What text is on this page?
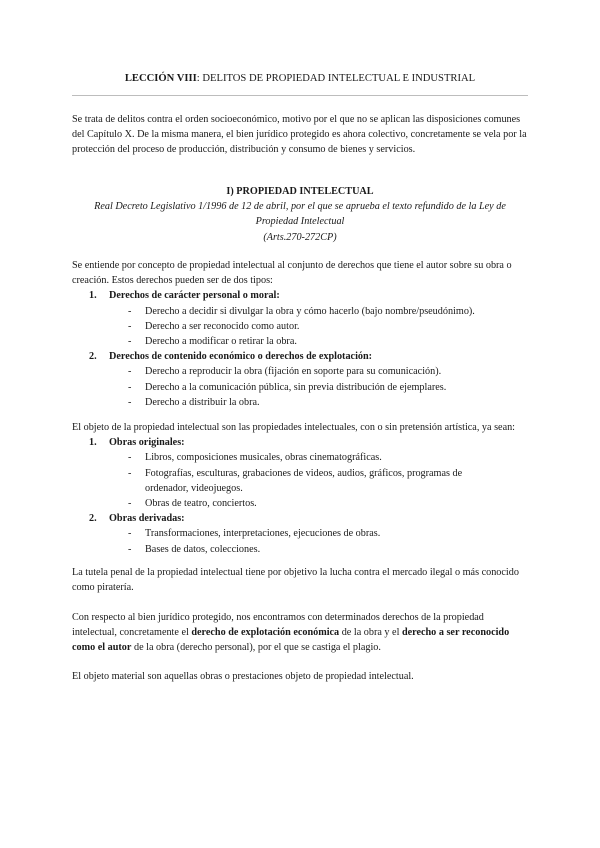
LECCIÓN VIII: DELITOS DE PROPIEDAD INTELECTUAL E INDUSTRIAL

Se trata de delitos contra el orden socioeconómico, motivo por el que no se aplican las disposiciones comunes del Capítulo X. De la misma manera, el bien jurídico protegido es ahora colectivo, concretamente se vela por la protección del proceso de producción, distribución y consumo de bienes y servicios.

I) PROPIEDAD INTELECTUAL

Real Decreto Legislativo 1/1996 de 12 de abril, por el que se aprueba el texto refundido de la Ley de Propiedad Intelectual

(Arts.270-272CP)

Se entiende por concepto de propiedad intelectual al conjunto de derechos que tiene el autor sobre su obra o creación. Estos derechos pueden ser de dos tipos:

1. Derechos de carácter personal o moral:
- Derecho a decidir si divulgar la obra y cómo hacerlo (bajo nombre/pseudónimo).
- Derecho a ser reconocido como autor.
- Derecho a modificar o retirar la obra.
2. Derechos de contenido económico o derechos de explotación:
- Derecho a reproducir la obra (fijación en soporte para su comunicación).
- Derecho a la comunicación pública, sin previa distribución de ejemplares.
- Derecho a distribuir la obra.

El objeto de la propiedad intelectual son las propiedades intelectuales, con o sin pretensión artística, ya sean:

1. Obras originales:
- Libros, composiciones musicales, obras cinematográficas.
- Fotografías, esculturas, grabaciones de videos, audios, gráficos, programas de ordenador, videojuegos.
- Obras de teatro, conciertos.
2. Obras derivadas:
- Transformaciones, interpretaciones, ejecuciones de obras.
- Bases de datos, colecciones.

La tutela penal de la propiedad intelectual tiene por objetivo la lucha contra el mercado ilegal o más conocido como piratería.

Con respecto al bien jurídico protegido, nos encontramos con determinados derechos de la propiedad intelectual, concretamente el derecho de explotación económica de la obra y el derecho a ser reconocido como el autor de la obra (derecho personal), por el que se castiga el plagio.

El objeto material son aquellas obras o prestaciones objeto de propiedad intelectual.
